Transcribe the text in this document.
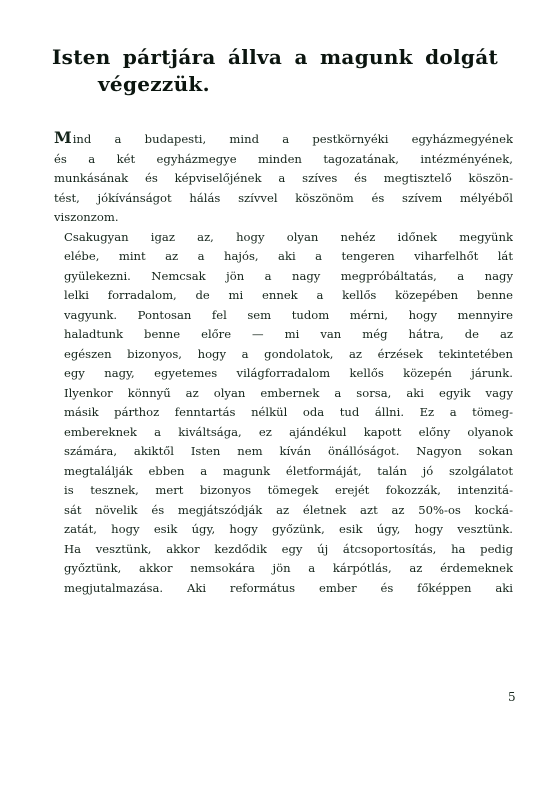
Isten pártjára állva a magunk dolgát
végezzük.

Mind a budapesti, mind a pestkörnyéki egyházmegyének
és a két egyházmegye minden tagozatának, intézményének,
munkásának és képviselőjének a szíves és megtisztelő köszön-
tést, jókívánságot hálás szívvel köszönöm és szívem mélyéből
viszonzom.

Csakugyan igaz az, hogy olyan nehéz időnek megyünk
elébe, mint az a hajós, aki a tengeren viharfelhőt lát
gyülekezni. Nemcsak jön a nagy megpróbáltatás, a nagy
lelki forradalom, de mi ennek a kellős közepében benne
vagyunk. Pontosan fel sem tudom mérni, hogy mennyire
haladtunk benne előre — mi van még hátra, de az
egészen bizonyos, hogy a gondolatok, az érzések tekintetében
egy nagy, egyetemes világforradalom kellős közepén járunk.
Ilyenkor könnyű az olyan embernek a sorsa, aki egyik vagy
másik párthoz fenntartás nélkül oda tud állni. Ez a tömeg-
embereknek a kiváltsága, ez ajándékul kapott előny olyanok
számára, akiktől Isten nem kíván önállóságot. Nagyon sokan
megtalálják ebben a magunk életformáját, talán jó szolgálatot
is tesznek, mert bizonyos tömegek erejét fokozzák, intenzitá-
sát növelik és megjátszódják az életnek azt az 50%-os kocká-
zatát, hogy esik úgy, hogy győzünk, esik úgy, hogy vesztünk.
Ha vesztünk, akkor kezdődik egy új átcsoportosítás, ha pedig
győztünk, akkor nemsokára jön a kárpótlás, az érdemeknek
megjutalmazása. Aki református ember és főképpen aki

5
